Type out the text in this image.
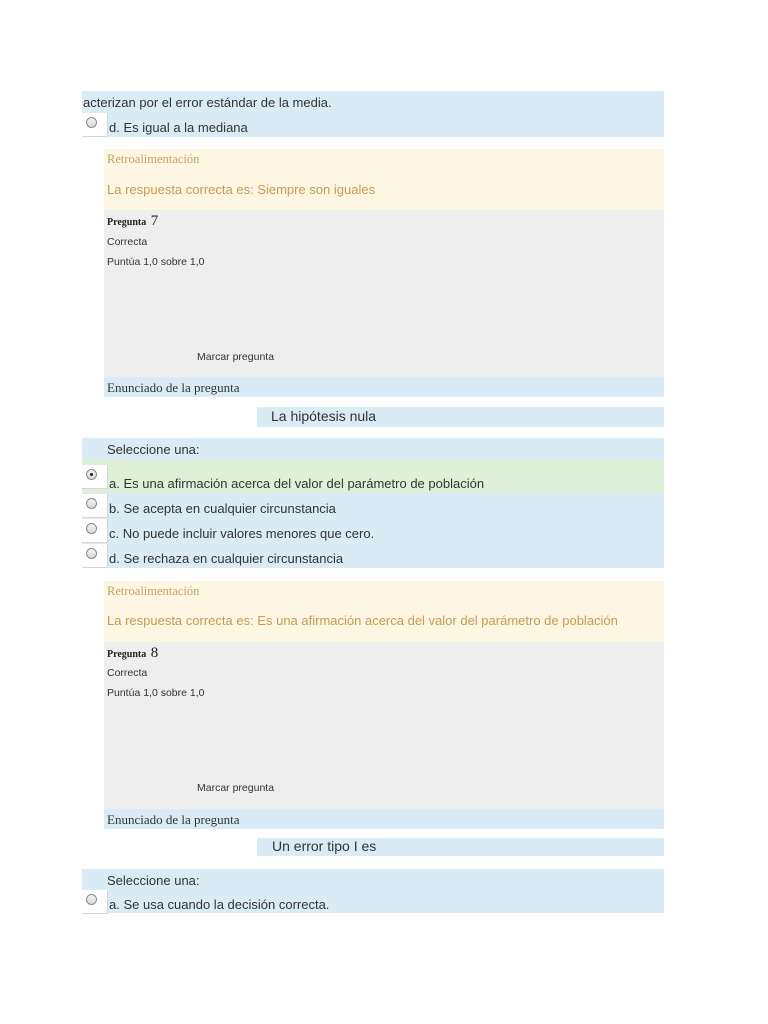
acterizan por el error estándar de la media.
d. Es igual a la mediana
Retroalimentación
La respuesta correcta es: Siempre son iguales
Pregunta 7
Correcta
Puntúa 1,0 sobre 1,0
Marcar pregunta
Enunciado de la pregunta
La hipótesis nula
Seleccione una:
a. Es una afirmación acerca del valor del parámetro de población
b. Se acepta en cualquier circunstancia
c. No puede incluir valores menores que cero.
d. Se rechaza en cualquier circunstancia
Retroalimentación
La respuesta correcta es: Es una afirmación acerca del valor del parámetro de población
Pregunta 8
Correcta
Puntúa 1,0 sobre 1,0
Marcar pregunta
Enunciado de la pregunta
Un error tipo I es
Seleccione una:
a. Se usa cuando la decisión correcta.
